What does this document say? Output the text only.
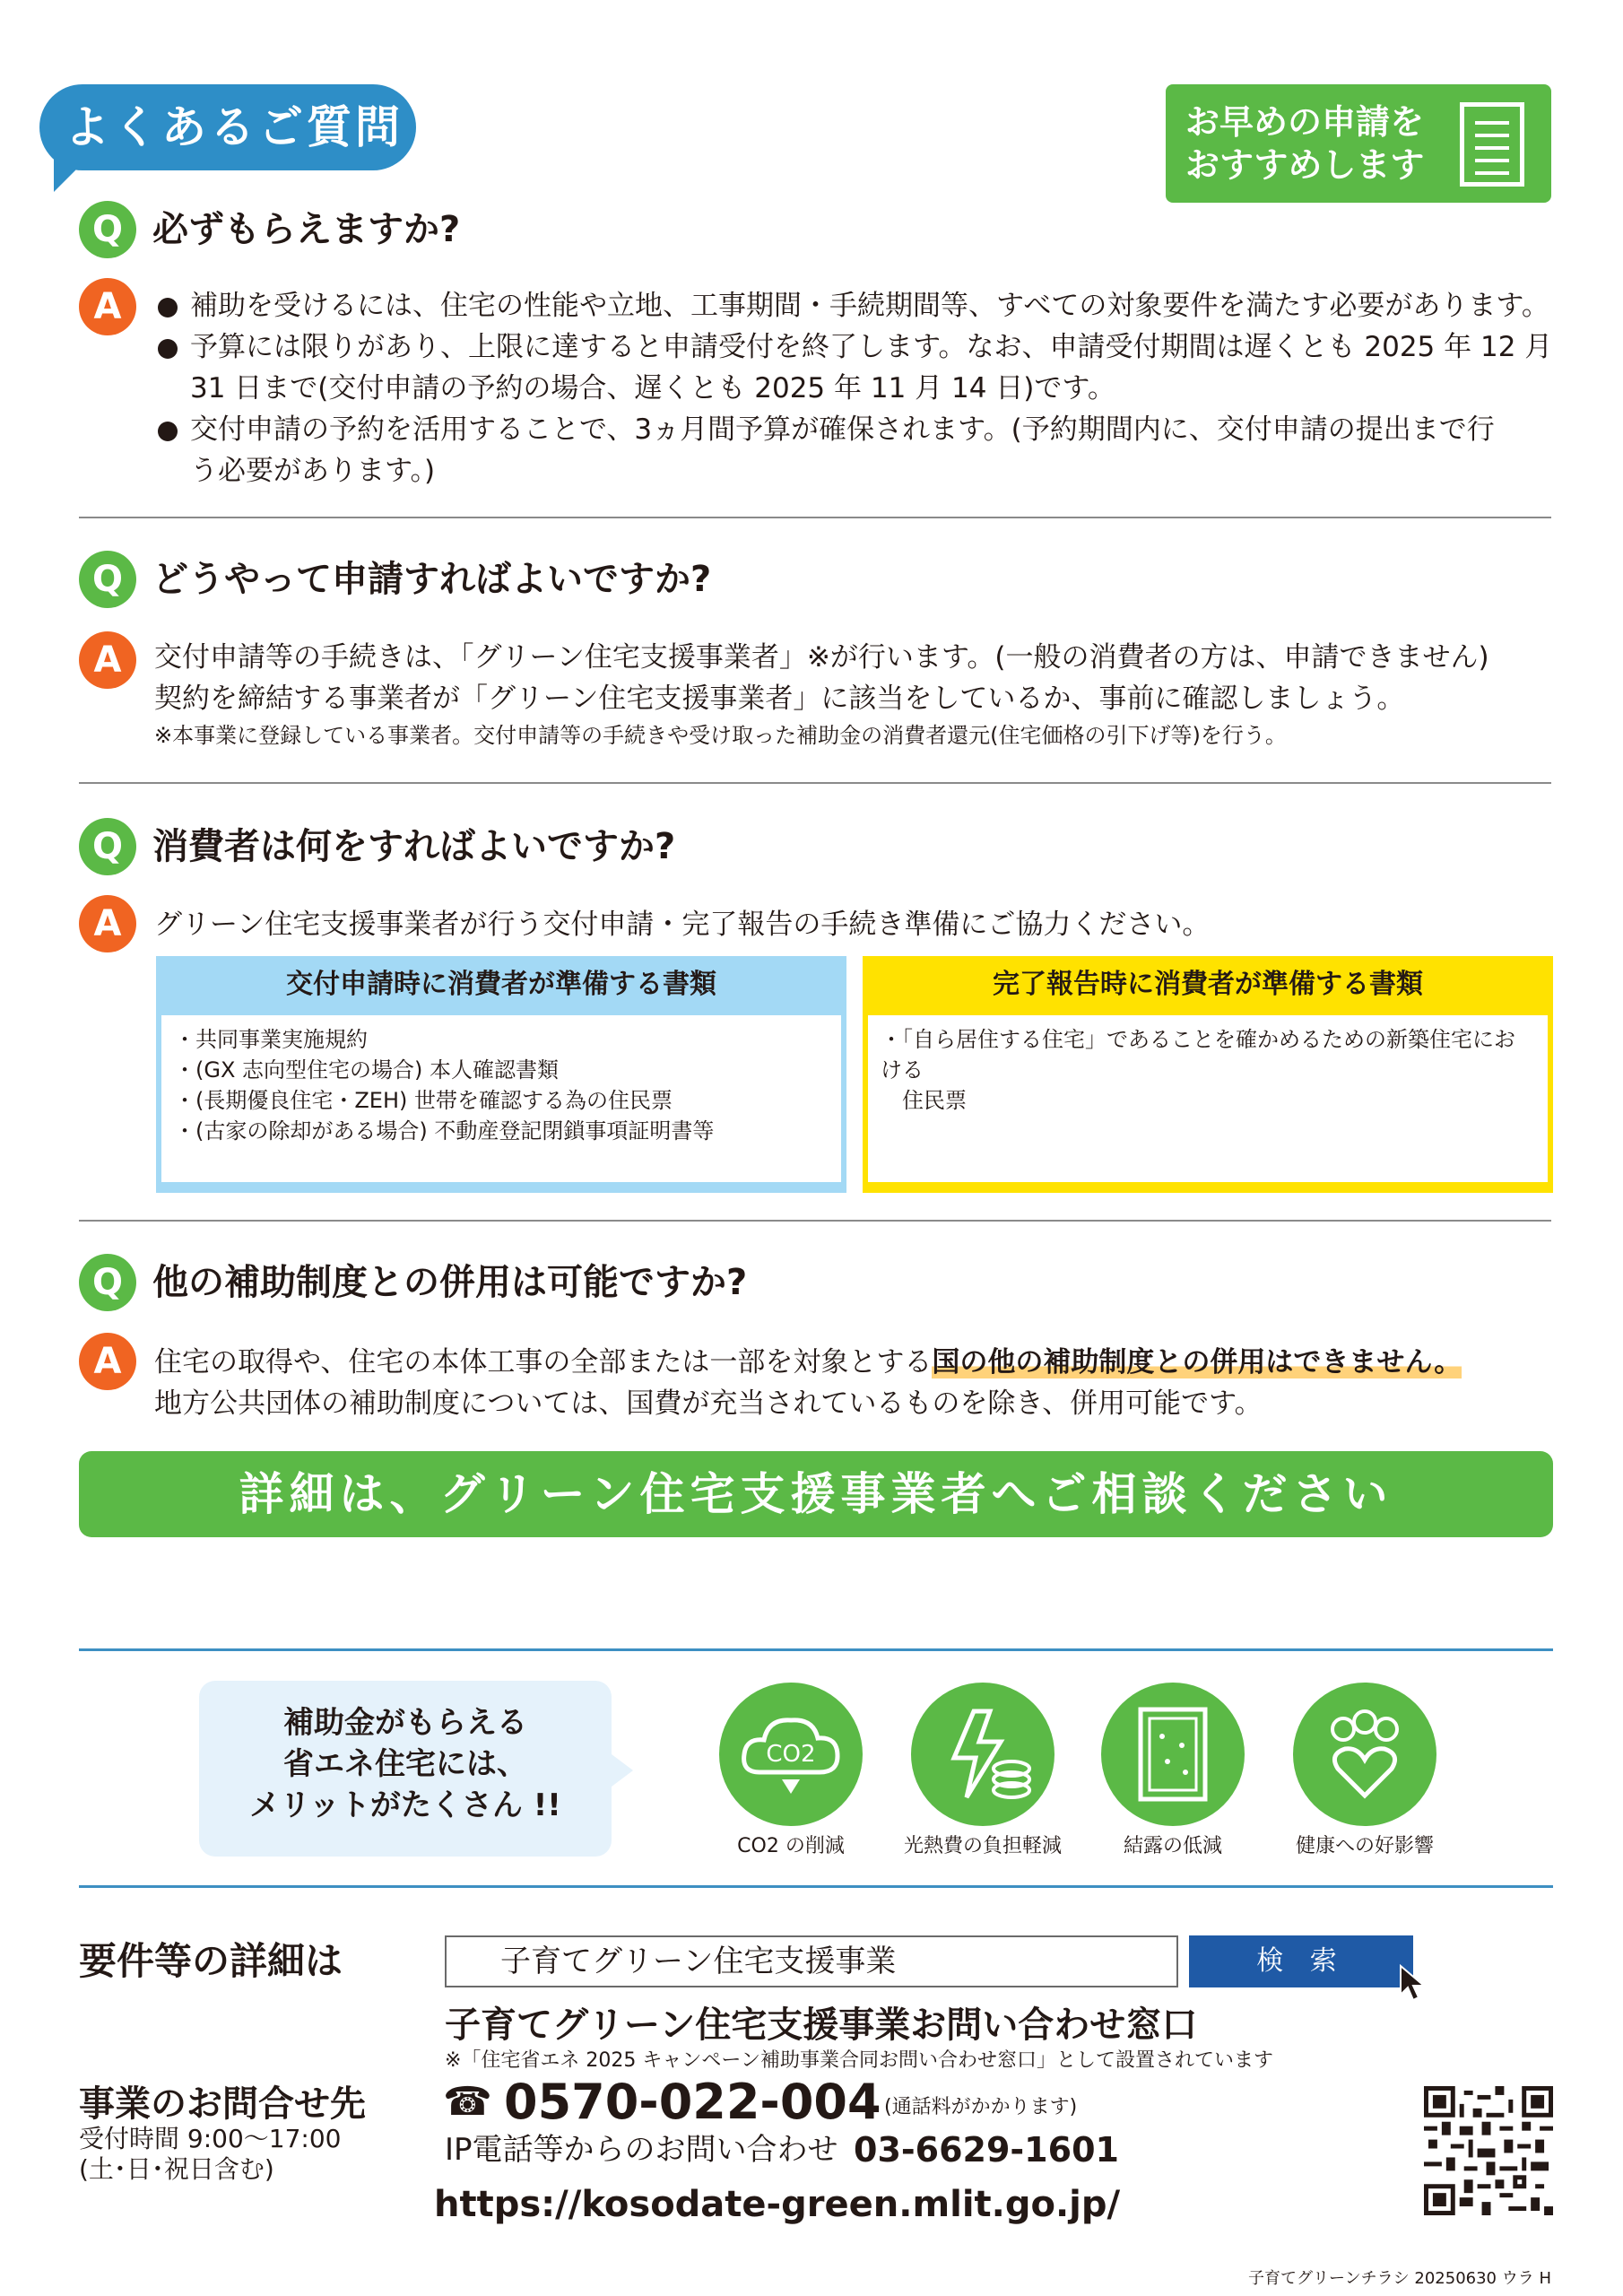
よくあるご質問	お早めの申請を
おすすめします
Q 必ずもらえますか?
A	補助を受けるには、住宅の性能や立地、工事期間・手続期間等、すべての対象要件を満たす必要があります。
予算には限りがあり、上限に達すると申請受付を終了します。なお、申請受付期間は遅くとも 2025 年 12 月
31 日まで(交付申請の予約の場合、遅くとも 2025 年 11 月 14 日)です。
交付申請の予約を活用することで、3ヵ月間予算が確保されます。(予約期間内に、交付申請の提出まで行
う必要があります。)
Q どうやって申請すればよいですか?
A	交付申請等の手続きは、「グリーン住宅支援事業者」※が行います。(一般の消費者の方は、申請できません)
契約を締結する事業者が「グリーン住宅支援事業者」に該当をしているか、事前に確認しましょう。
※本事業に登録している事業者。交付申請等の手続きや受け取った補助金の消費者還元(住宅価格の引下げ等)を行う。
Q 消費者は何をすればよいですか?
A	グリーン住宅支援事業者が行う交付申請・完了報告の手続き準備にご協力ください。
交付申請時に消費者が準備する書類
・共同事業実施規約
・(GX 志向型住宅の場合) 本人確認書類
・(長期優良住宅・ZEH) 世帯を確認する為の住民票
・(古家の除却がある場合) 不動産登記閉鎖事項証明書等
完了報告時に消費者が準備する書類
・「自ら居住する住宅」であることを確かめるための新築住宅における
　住民票
Q 他の補助制度との併用は可能ですか?
A	住宅の取得や、住宅の本体工事の全部または一部を対象とする国の他の補助制度との併用はできません。
地方公共団体の補助制度については、国費が充当されているものを除き、併用可能です。
詳細は、グリーン住宅支援事業者へご相談ください
補助金がもらえる
省エネ住宅には、
メリットがたくさん !!
CO2
CO2 の削減	光熱費の負担軽減	結露の低減	健康への好影響
要件等の詳細は	子育てグリーン住宅支援事業	検 索
子育てグリーン住宅支援事業お問い合わせ窓口
※「住宅省エネ 2025 キャンペーン補助事業合同お問い合わせ窓口」として設置されています
事業のお問合せ先
受付時間 9:00〜17:00
(土･日･祝日含む)
☎ 0570-022-004 (通話料がかかります)
IP電話等からのお問い合わせ 03-6629-1601
https://kosodate-green.mlit.go.jp/
子育てグリーンチラシ 20250630 ウラ H
